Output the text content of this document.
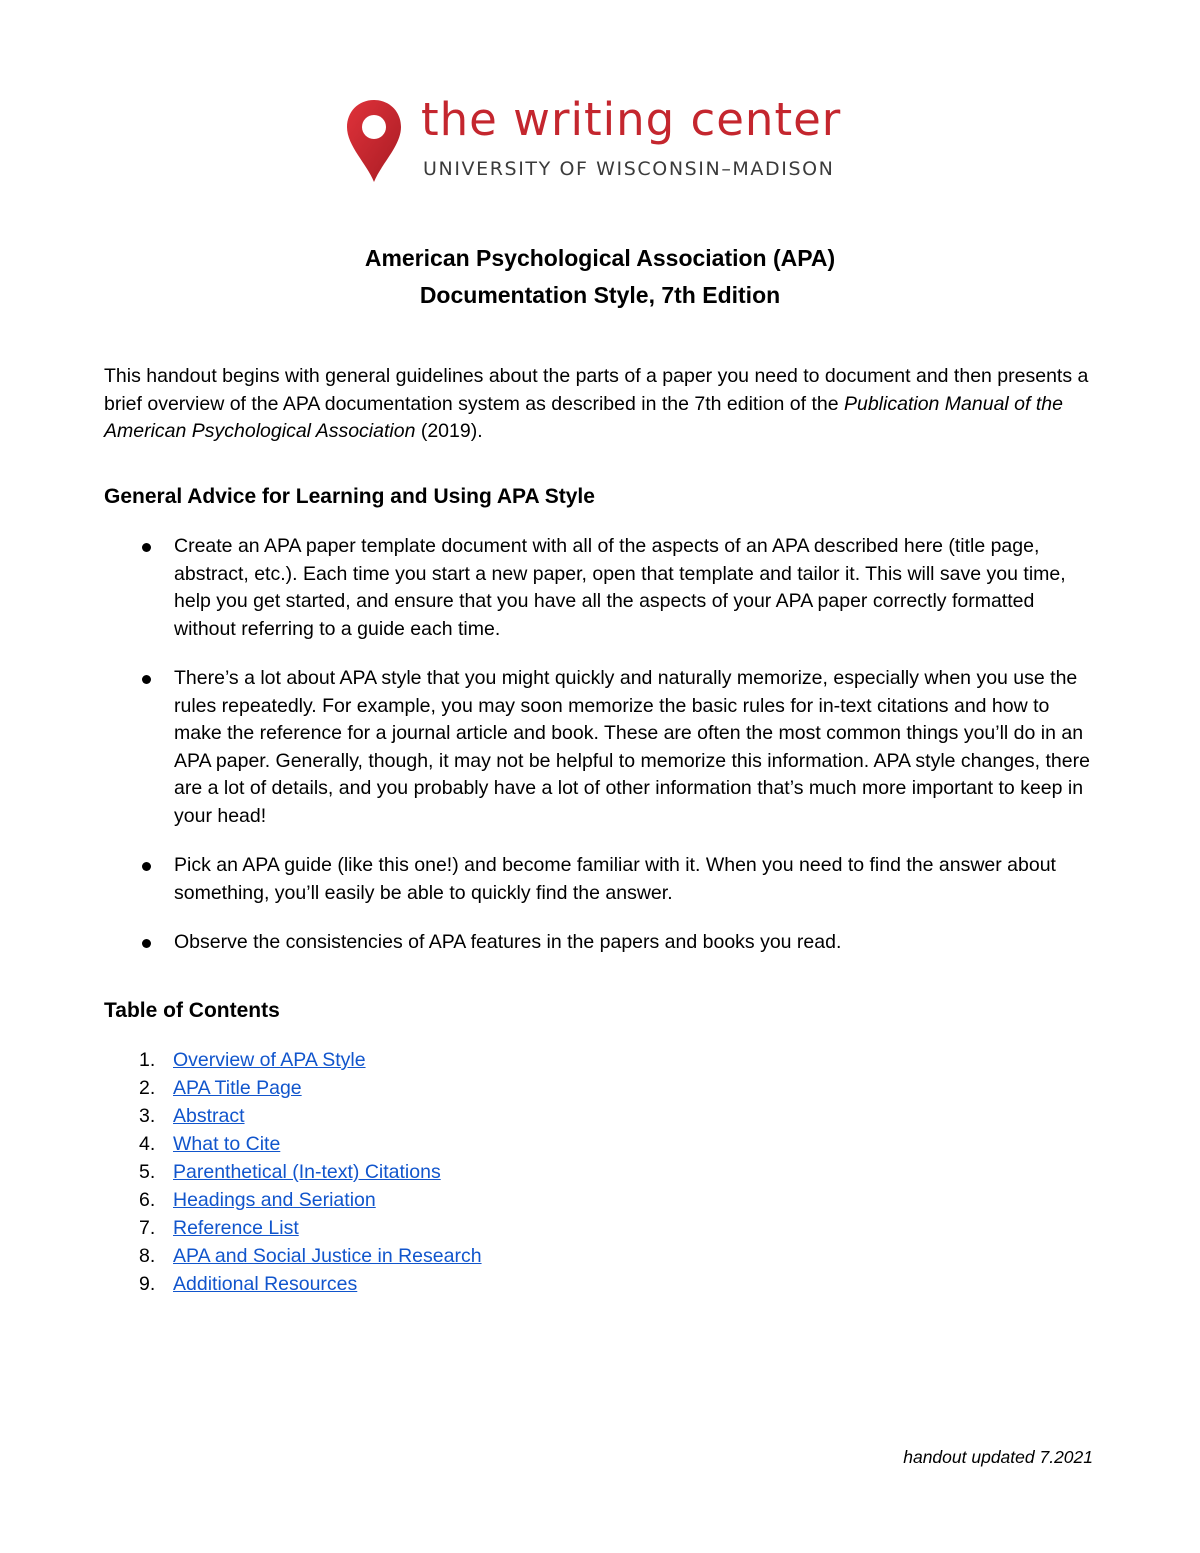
the writing center
UNIVERSITY OF WISCONSIN–MADISON
American Psychological Association (APA)
Documentation Style, 7th Edition

This handout begins with general guidelines about the parts of a paper you need to document and then presents a brief overview of the APA documentation system as described in the 7th edition of the Publication Manual of the American Psychological Association (2019).

General Advice for Learning and Using APA Style
Create an APA paper template document with all of the aspects of an APA described here (title page, abstract, etc.). Each time you start a new paper, open that template and tailor it. This will save you time, help you get started, and ensure that you have all the aspects of your APA paper correctly formatted without referring to a guide each time.
There’s a lot about APA style that you might quickly and naturally memorize, especially when you use the rules repeatedly. For example, you may soon memorize the basic rules for in-text citations and how to make the reference for a journal article and book. These are often the most common things you’ll do in an APA paper. Generally, though, it may not be helpful to memorize this information. APA style changes, there are a lot of details, and you probably have a lot of other information that’s much more important to keep in your head!
Pick an APA guide (like this one!) and become familiar with it. When you need to find the answer about something, you’ll easily be able to quickly find the answer.
Observe the consistencies of APA features in the papers and books you read.
Table of Contents
1. Overview of APA Style
2. APA Title Page
3. Abstract
4. What to Cite
5. Parenthetical (In-text) Citations
6. Headings and Seriation
7. Reference List
8. APA and Social Justice in Research
9. Additional Resources
handout updated 7.2021
